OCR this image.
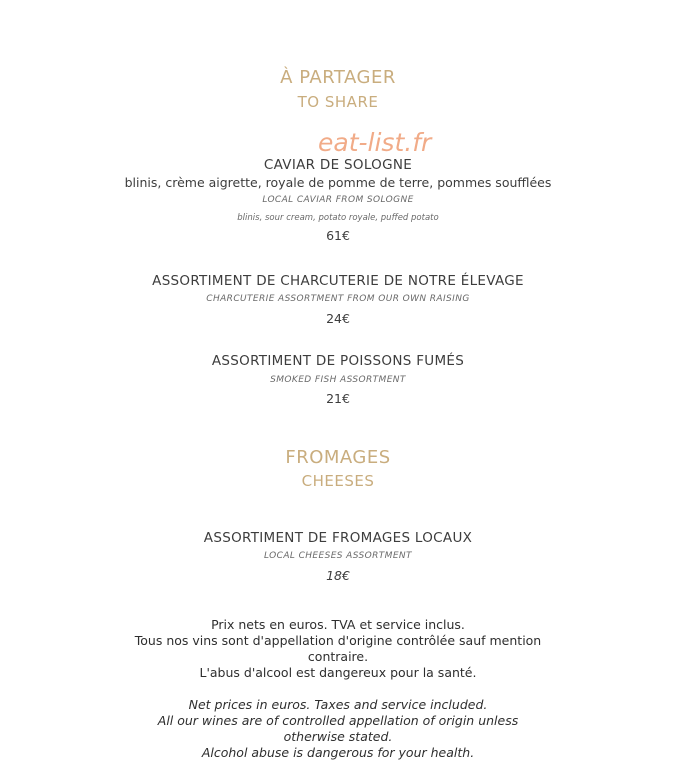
À PARTAGER
TO SHARE
eat-list.fr
CAVIAR DE SOLOGNE
blinis, crème aigrette, royale de pomme de terre, pommes soufflées
LOCAL CAVIAR FROM SOLOGNE
blinis, sour cream, potato royale, puffed potato
61€
ASSORTIMENT DE CHARCUTERIE DE NOTRE ÉLEVAGE
CHARCUTERIE ASSORTMENT FROM OUR OWN RAISING
24€
ASSORTIMENT DE POISSONS FUMÉS
SMOKED FISH ASSORTMENT
21€
FROMAGES
CHEESES
ASSORTIMENT DE FROMAGES LOCAUX
LOCAL CHEESES ASSORTMENT
18€
Prix nets en euros. TVA et service inclus.
Tous nos vins sont d'appellation d'origine contrôlée sauf mention
contraire.
L'abus d'alcool est dangereux pour la santé.
Net prices in euros. Taxes and service included.
All our wines are of controlled appellation of origin unless
otherwise stated.
Alcohol abuse is dangerous for your health.
